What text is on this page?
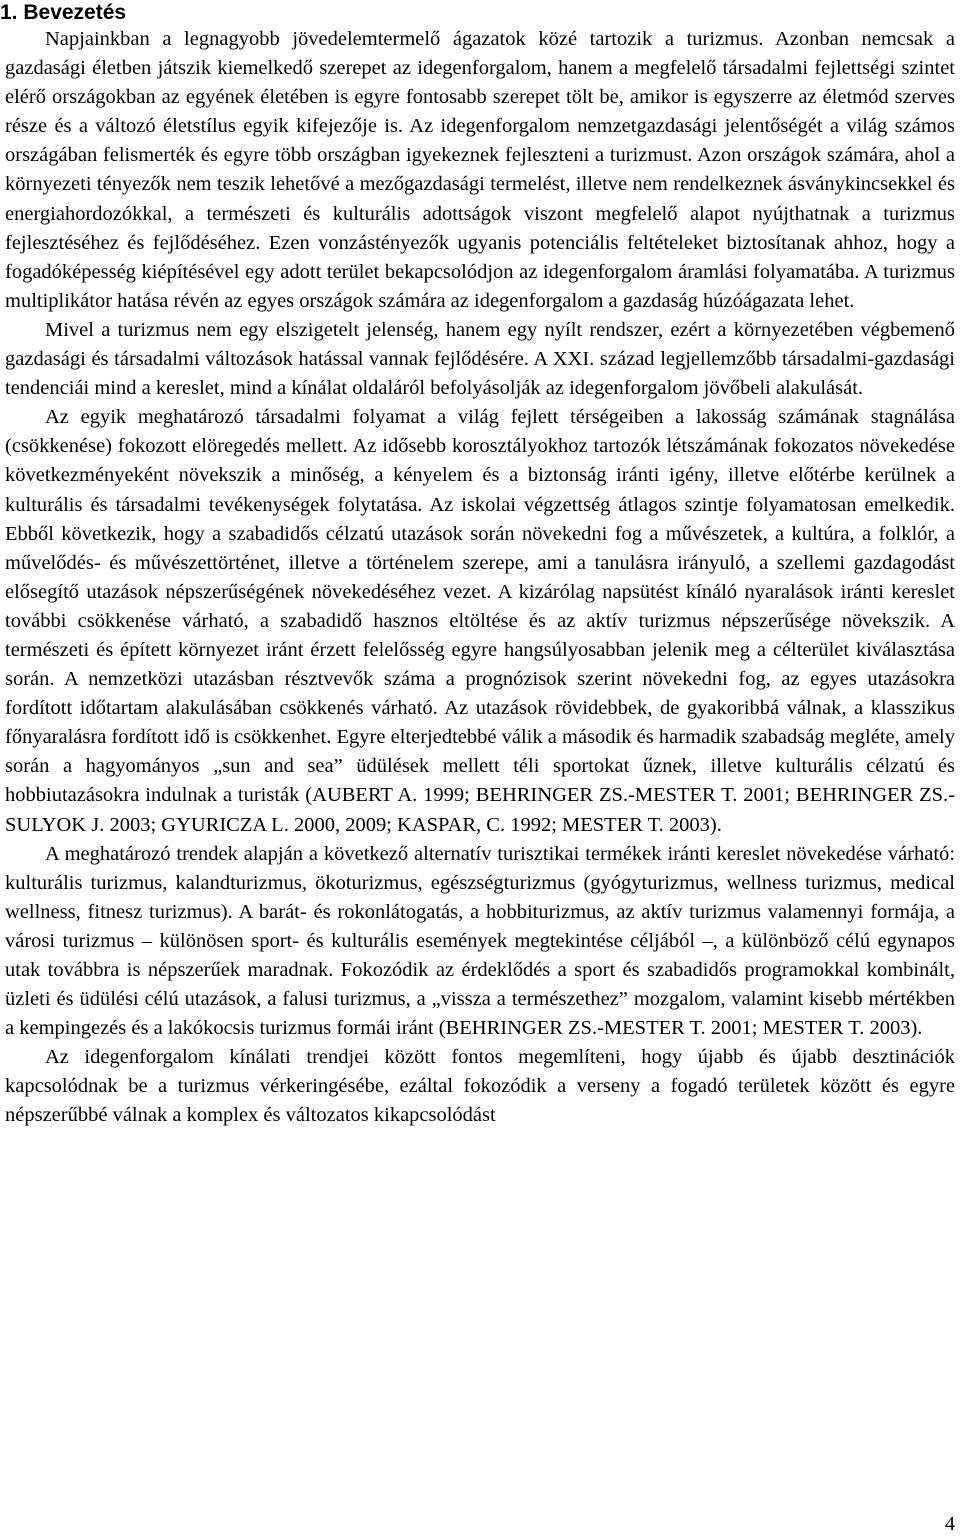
1. Bevezetés

Napjainkban a legnagyobb jövedelemtermelő ágazatok közé tartozik a turizmus. Azonban nemcsak a gazdasági életben játszik kiemelkedő szerepet az idegenforgalom, hanem a megfelelő társadalmi fejlettségi szintet elérő országokban az egyének életében is egyre fontosabb szerepet tölt be, amikor is egyszerre az életmód szerves része és a változó életstílus egyik kifejezője is. Az idegenforgalom nemzetgazdasági jelentőségét a világ számos országában felismerték és egyre több országban igyekeznek fejleszteni a turizmust. Azon országok számára, ahol a környezeti tényezők nem teszik lehetővé a mezőgazdasági termelést, illetve nem rendelkeznek ásványkincsekkel és energiahordozókkal, a természeti és kulturális adottságok viszont megfelelő alapot nyújthatnak a turizmus fejlesztéséhez és fejlődéséhez. Ezen vonzástényezők ugyanis potenciális feltételeket biztosítanak ahhoz, hogy a fogadóképesség kiépítésével egy adott terület bekapcsolódjon az idegenforgalom áramlási folyamatába. A turizmus multiplikátor hatása révén az egyes országok számára az idegenforgalom a gazdaság húzóágazata lehet.

Mivel a turizmus nem egy elszigetelt jelenség, hanem egy nyílt rendszer, ezért a környezetében végbemenő gazdasági és társadalmi változások hatással vannak fejlődésére. A XXI. század legjellemzőbb társadalmi-gazdasági tendenciái mind a kereslet, mind a kínálat oldaláról befolyásolják az idegenforgalom jövőbeli alakulását.

Az egyik meghatározó társadalmi folyamat a világ fejlett térségeiben a lakosság számának stagnálása (csökkenése) fokozott elöregedés mellett. Az idősebb korosztályokhoz tartozók létszámának fokozatos növekedése következményeként növekszik a minőség, a kényelem és a biztonság iránti igény, illetve előtérbe kerülnek a kulturális és társadalmi tevékenységek folytatása. Az iskolai végzettség átlagos szintje folyamatosan emelkedik. Ebből következik, hogy a szabadidős célzatú utazások során növekedni fog a művészetek, a kultúra, a folklór, a művelődés- és művészettörténet, illetve a történelem szerepe, ami a tanulásra irányuló, a szellemi gazdagodást elősegítő utazások népszerűségének növekedéséhez vezet. A kizárólag napsütést kínáló nyaralások iránti kereslet további csökkenése várható, a szabadidő hasznos eltöltése és az aktív turizmus népszerűsége növekszik. A természeti és épített környezet iránt érzett felelősség egyre hangsúlyosabban jelenik meg a célterület kiválasztása során. A nemzetközi utazásban résztvevők száma a prognózisok szerint növekedni fog, az egyes utazásokra fordított időtartam alakulásában csökkenés várható. Az utazások rövidebbek, de gyakoribbá válnak, a klasszikus főnyaralásra fordított idő is csökkenhet. Egyre elterjedtebbé válik a második és harmadik szabadság megléte, amely során a hagyományos „sun and sea” üdülések mellett téli sportokat űznek, illetve kulturális célzatú és hobbiutazásokra indulnak a turisták (AUBERT A. 1999; BEHRINGER ZS.-MESTER T. 2001; BEHRINGER ZS.-SULYOK J. 2003; GYURICZA L. 2000, 2009; KASPAR, C. 1992; MESTER T. 2003).

A meghatározó trendek alapján a következő alternatív turisztikai termékek iránti kereslet növekedése várható: kulturális turizmus, kalandturizmus, ökoturizmus, egészségturizmus (gyógyturizmus, wellness turizmus, medical wellness, fitnesz turizmus). A barát- és rokonlátogatás, a hobbiturizmus, az aktív turizmus valamennyi formája, a városi turizmus – különösen sport- és kulturális események megtekintése céljából –, a különböző célú egynapos utak továbbra is népszerűek maradnak. Fokozódik az érdeklődés a sport és szabadidős programokkal kombinált, üzleti és üdülési célú utazások, a falusi turizmus, a „vissza a természethez” mozgalom, valamint kisebb mértékben a kempingezés és a lakókocsis turizmus formái iránt (BEHRINGER ZS.-MESTER T. 2001; MESTER T. 2003).

Az idegenforgalom kínálati trendjei között fontos megemlíteni, hogy újabb és újabb desztinációk kapcsolódnak be a turizmus vérkeringésébe, ezáltal fokozódik a verseny a fogadó területek között és egyre népszerűbbé válnak a komplex és változatos kikapcsolódást

4
